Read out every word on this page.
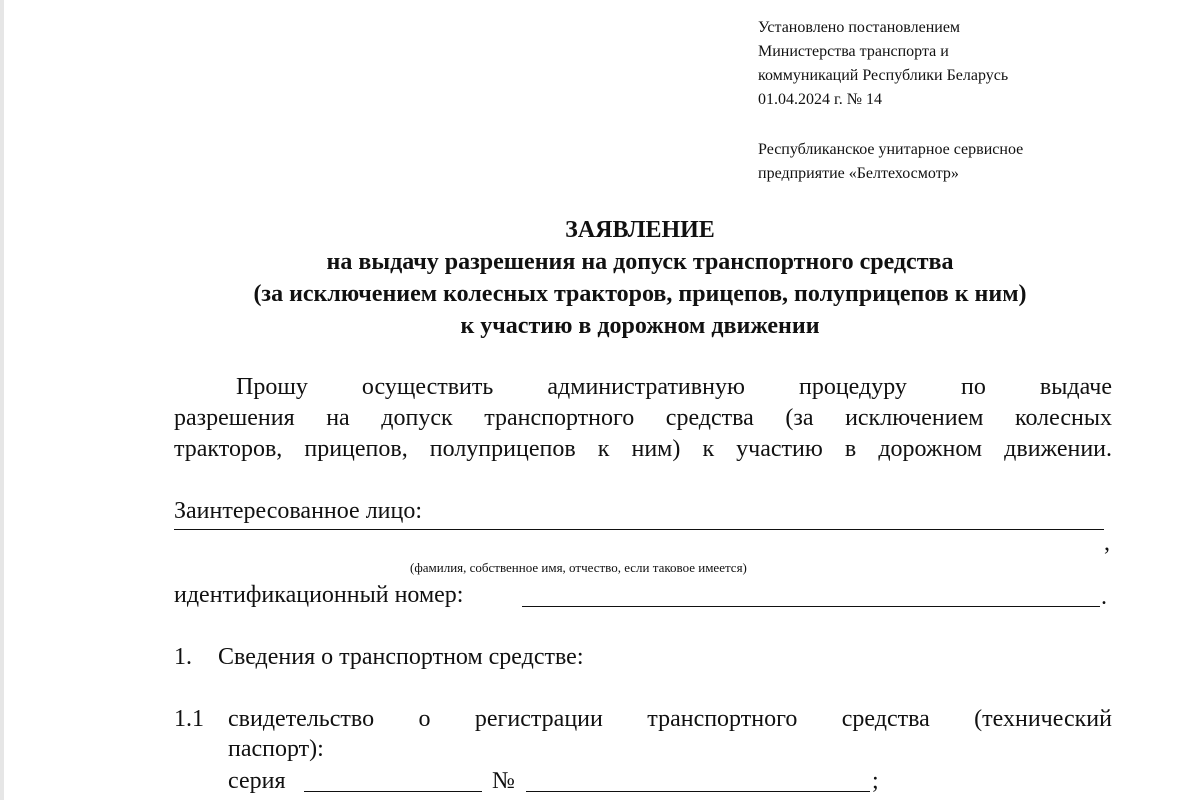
Установлено постановлением
Министерства транспорта и
коммуникаций Республики Беларусь
01.04.2024 г. № 14
Республиканское унитарное сервисное
предприятие «Белтехосмотр»
ЗАЯВЛЕНИЕ
на выдачу разрешения на допуск транспортного средства
(за исключением колесных тракторов, прицепов, полуприцепов к ним)
к участию в дорожном движении
Прошу осуществить административную процедуру по выдаче
разрешения на допуск транспортного средства (за исключением колесных
тракторов, прицепов, полуприцепов к ним) к участию в дорожном движении.
Заинтересованное лицо:
,
(фамилия, собственное имя, отчество, если таковое имеется)
идентификационный номер:	.
1. Сведения о транспортном средстве:
1.1 свидетельство о регистрации транспортного средства (технический
паспорт):
серия	№	;
